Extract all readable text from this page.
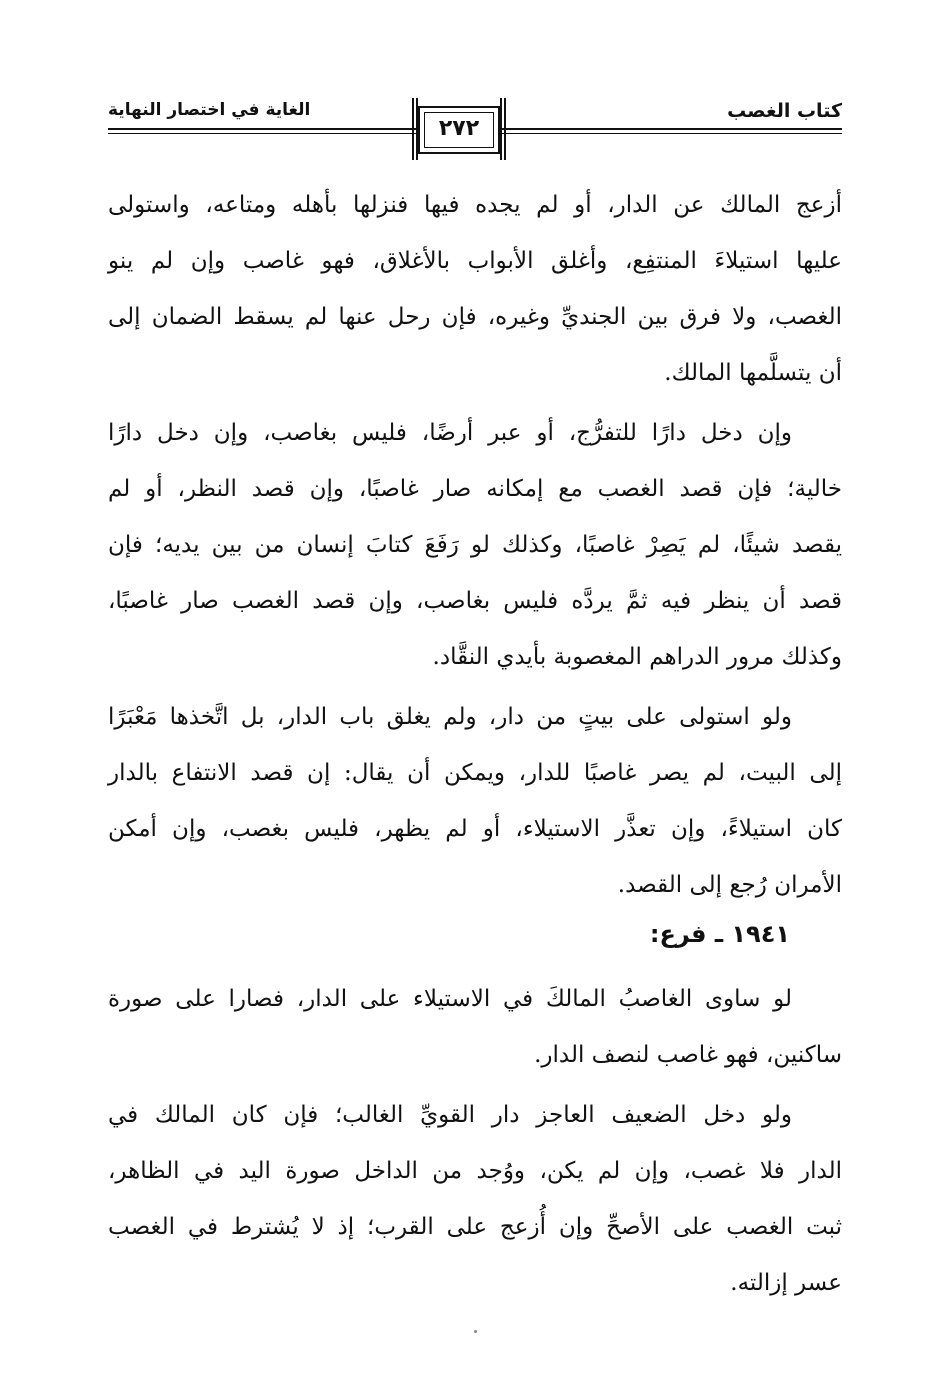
كتاب الغصب
الغاية في اختصار النهاية
٢٧٢
أزعج المالك عن الدار، أو لم يجده فيها فنزلها بأهله ومتاعه، واستولى
عليها استيلاءَ المنتفِع، وأغلق الأبواب بالأغلاق، فهو غاصب وإن لم ينو
الغصب، ولا فرق بين الجنديِّ وغيره، فإن رحل عنها لم يسقط الضمان إلى
أن يتسلَّمها المالك.
وإن دخل دارًا للتفرُّج، أو عبر أرضًا، فليس بغاصب، وإن دخل دارًا
خالية؛ فإن قصد الغصب مع إمكانه صار غاصبًا، وإن قصد النظر، أو لم
يقصد شيئًا، لم يَصِرْ غاصبًا، وكذلك لو رَفَعَ كتابَ إنسان من بين يديه؛ فإن
قصد أن ينظر فيه ثمَّ يردَّه فليس بغاصب، وإن قصد الغصب صار غاصبًا،
وكذلك مرور الدراهم المغصوبة بأيدي النقَّاد.
ولو استولى على بيتٍ من دار، ولم يغلق باب الدار، بل اتَّخذها مَعْبَرًا
إلى البيت، لم يصر غاصبًا للدار، ويمكن أن يقال: إن قصد الانتفاع بالدار
كان استيلاءً، وإن تعذَّر الاستيلاء، أو لم يظهر، فليس بغصب، وإن أمكن
الأمران رُجع إلى القصد.
١٩٤١ ـ فرع:
لو ساوى الغاصبُ المالكَ في الاستيلاء على الدار، فصارا على صورة
ساكنين، فهو غاصب لنصف الدار.
ولو دخل الضعيف العاجز دار القويِّ الغالب؛ فإن كان المالك في
الدار فلا غصب، وإن لم يكن، ووُجد من الداخل صورة اليد في الظاهر،
ثبت الغصب على الأصحِّ وإن أُزعج على القرب؛ إذ لا يُشترط في الغصب
عسر إزالته.
